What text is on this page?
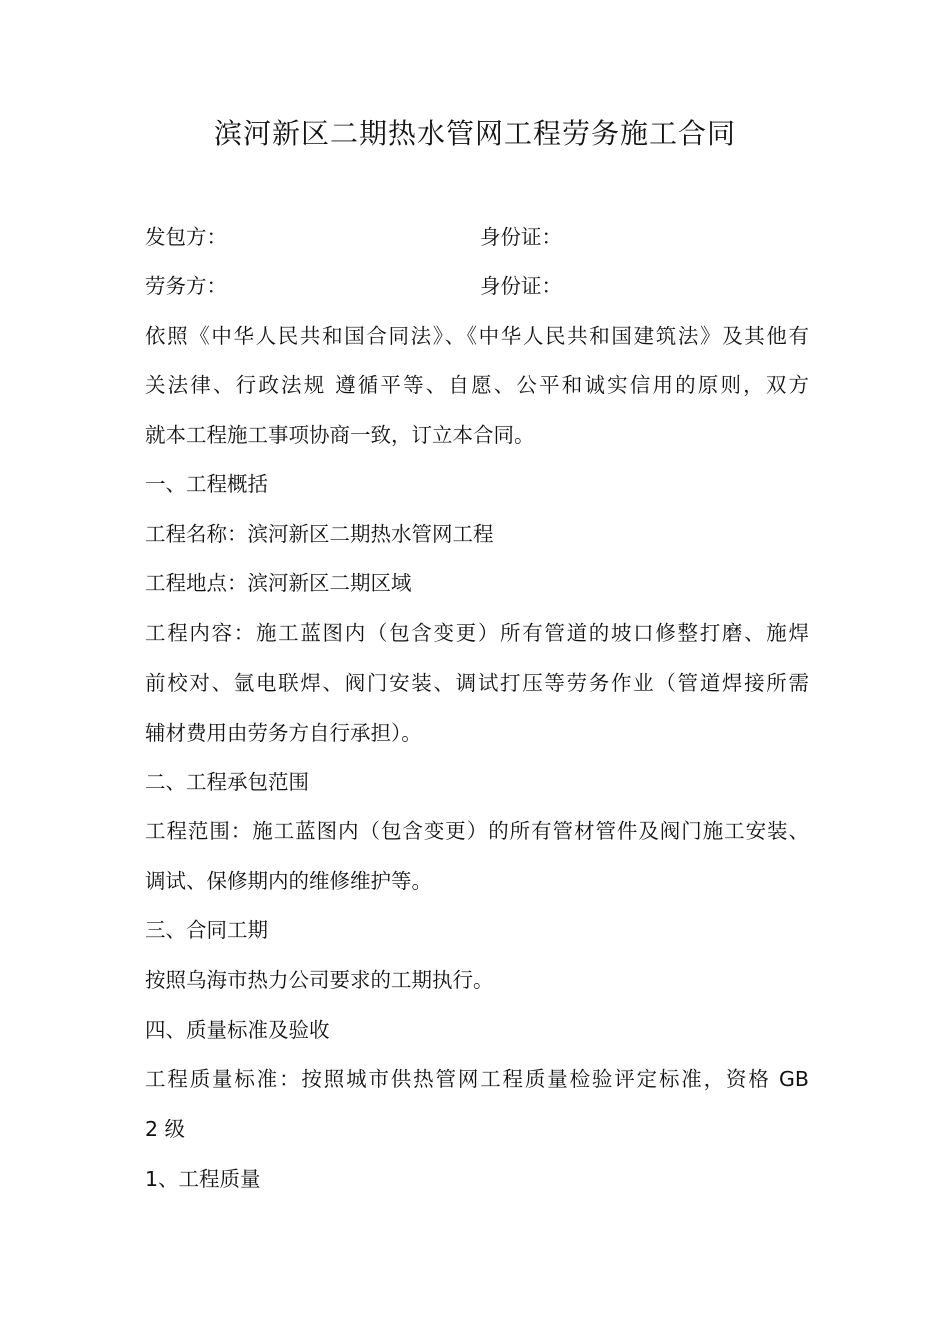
滨河新区二期热水管网工程劳务施工合同
发包方：	身份证：
劳务方：	身份证：
依照《中华人民共和国合同法》、《中华人民共和国建筑法》及其他有
关法律、行政法规 遵循平等、自愿、公平和诚实信用的原则，双方
就本工程施工事项协商一致，订立本合同。
一、工程概括
工程名称：滨河新区二期热水管网工程
工程地点：滨河新区二期区域
工程内容：施工蓝图内（包含变更）所有管道的坡口修整打磨、施焊
前校对、氩电联焊、阀门安装、调试打压等劳务作业（管道焊接所需
辅材费用由劳务方自行承担）。
二、工程承包范围
工程范围：施工蓝图内（包含变更）的所有管材管件及阀门施工安装、
调试、保修期内的维修维护等。
三、合同工期
按照乌海市热力公司要求的工期执行。
四、质量标准及验收
工程质量标准：按照城市供热管网工程质量检验评定标准，资格 GB
2 级
1、工程质量
